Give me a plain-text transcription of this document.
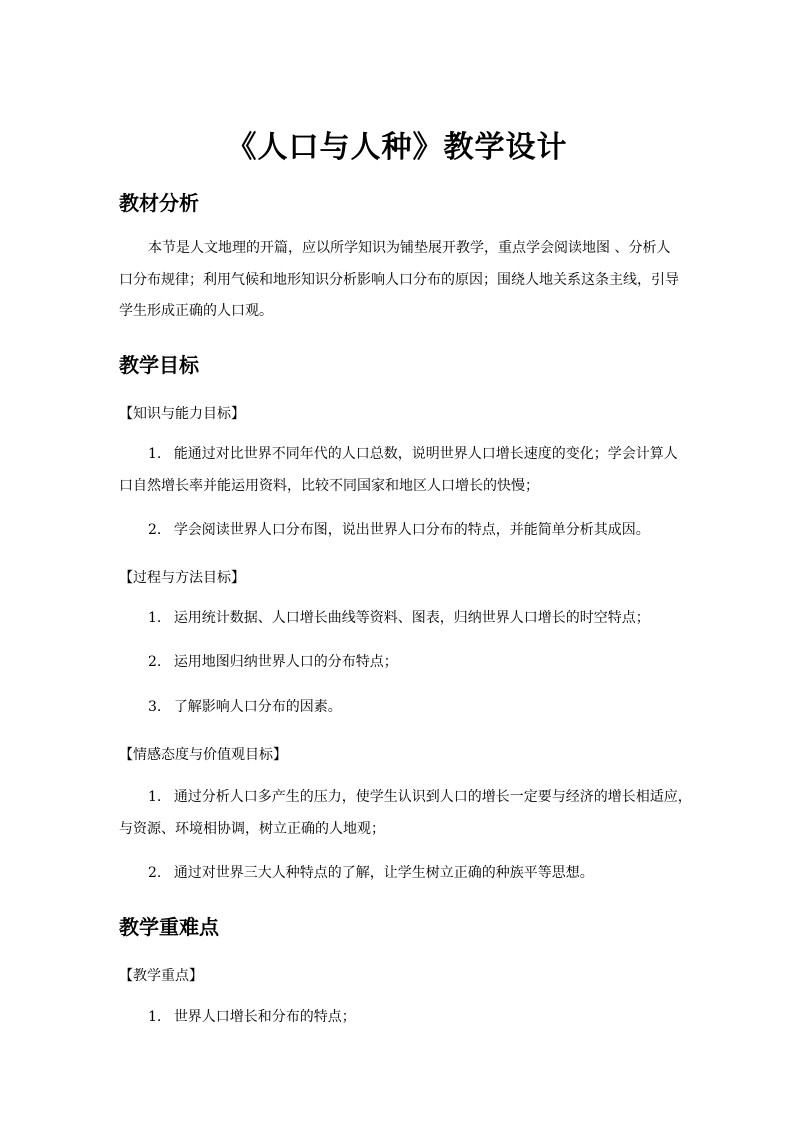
《人口与人种》教学设计
教材分析
本节是人文地理的开篇，应以所学知识为铺垫展开教学，重点学会阅读地图 、分析人
口分布规律；利用气候和地形知识分析影响人口分布的原因；围绕人地关系这条主线，引导
学生形成正确的人口观。
教学目标
【知识与能力目标】
1. 能通过对比世界不同年代的人口总数，说明世界人口增长速度的变化；学会计算人
口自然增长率并能运用资料，比较不同国家和地区人口增长的快慢；
2. 学会阅读世界人口分布图，说出世界人口分布的特点，并能简单分析其成因。
【过程与方法目标】
1. 运用统计数据、人口增长曲线等资料、图表，归纳世界人口增长的时空特点；
2. 运用地图归纳世界人口的分布特点；
3. 了解影响人口分布的因素。
【情感态度与价值观目标】
1. 通过分析人口多产生的压力，使学生认识到人口的增长一定要与经济的增长相适应，
与资源、环境相协调，树立正确的人地观；
2. 通过对世界三大人种特点的了解，让学生树立正确的种族平等思想。
教学重难点
【教学重点】
1. 世界人口增长和分布的特点；
